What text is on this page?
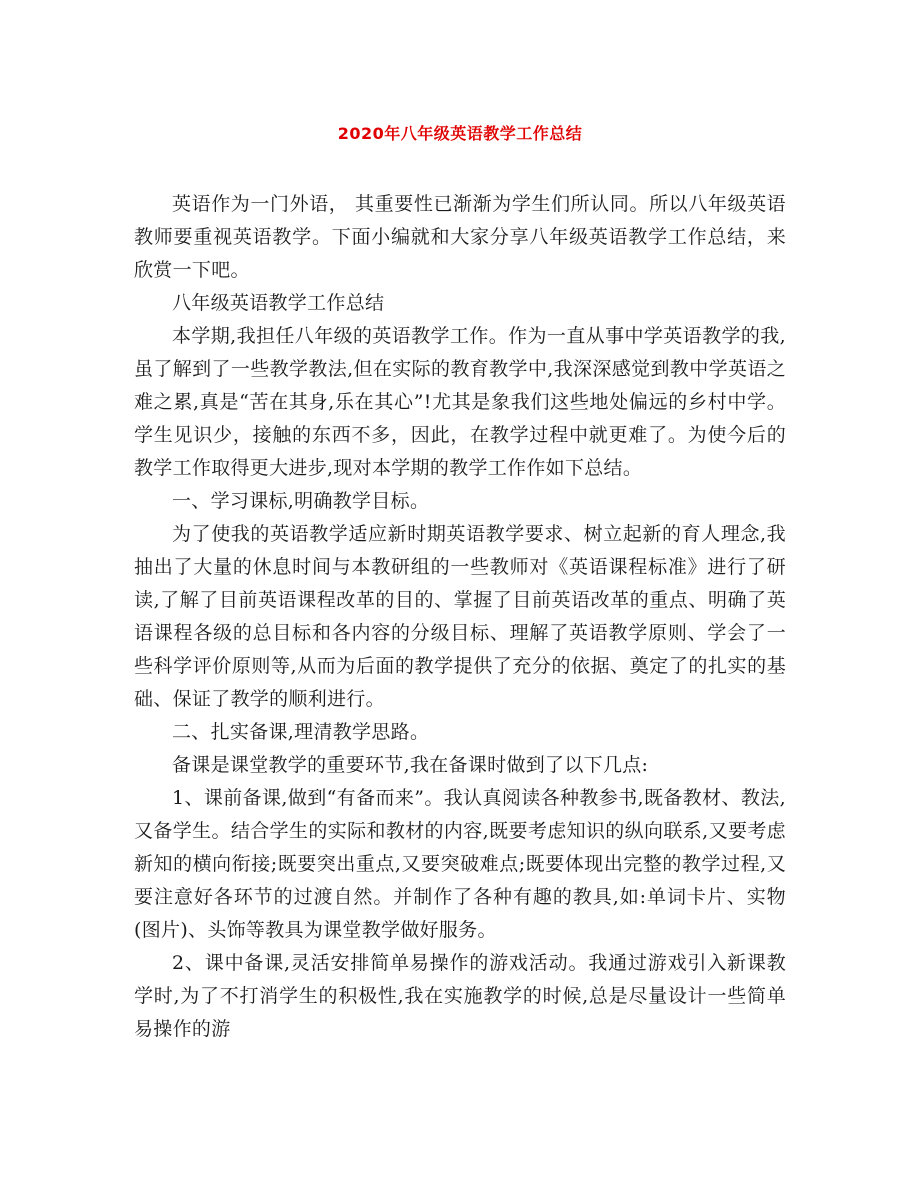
2020年八年级英语教学工作总结

英语作为一门外语， 其重要性已渐渐为学生们所认同。所以八年级英语教师要重视英语教学。下面小编就和大家分享八年级英语教学工作总结，来欣赏一下吧。

八年级英语教学工作总结

本学期,我担任八年级的英语教学工作。作为一直从事中学英语教学的我,虽了解到了一些教学教法,但在实际的教育教学中,我深深感觉到教中学英语之难之累,真是“苦在其身,乐在其心”!尤其是象我们这些地处偏远的乡村中学。学生见识少，接触的东西不多，因此，在教学过程中就更难了。为使今后的教学工作取得更大进步,现对本学期的教学工作作如下总结。

一、学习课标,明确教学目标。

为了使我的英语教学适应新时期英语教学要求、树立起新的育人理念,我抽出了大量的休息时间与本教研组的一些教师对《英语课程标准》进行了研读,了解了目前英语课程改革的目的、掌握了目前英语改革的重点、明确了英语课程各级的总目标和各内容的分级目标、理解了英语教学原则、学会了一些科学评价原则等,从而为后面的教学提供了充分的依据、奠定了的扎实的基础、保证了教学的顺利进行。

二、扎实备课,理清教学思路。

备课是课堂教学的重要环节,我在备课时做到了以下几点:

1、课前备课,做到“有备而来”。我认真阅读各种教参书,既备教材、教法,又备学生。结合学生的实际和教材的内容,既要考虑知识的纵向联系,又要考虑新知的横向衔接;既要突出重点,又要突破难点;既要体现出完整的教学过程,又要注意好各环节的过渡自然。并制作了各种有趣的教具,如:单词卡片、实物(图片)、头饰等教具为课堂教学做好服务。

2、课中备课,灵活安排简单易操作的游戏活动。我通过游戏引入新课教学时,为了不打消学生的积极性,我在实施教学的时候,总是尽量设计一些简单易操作的游
